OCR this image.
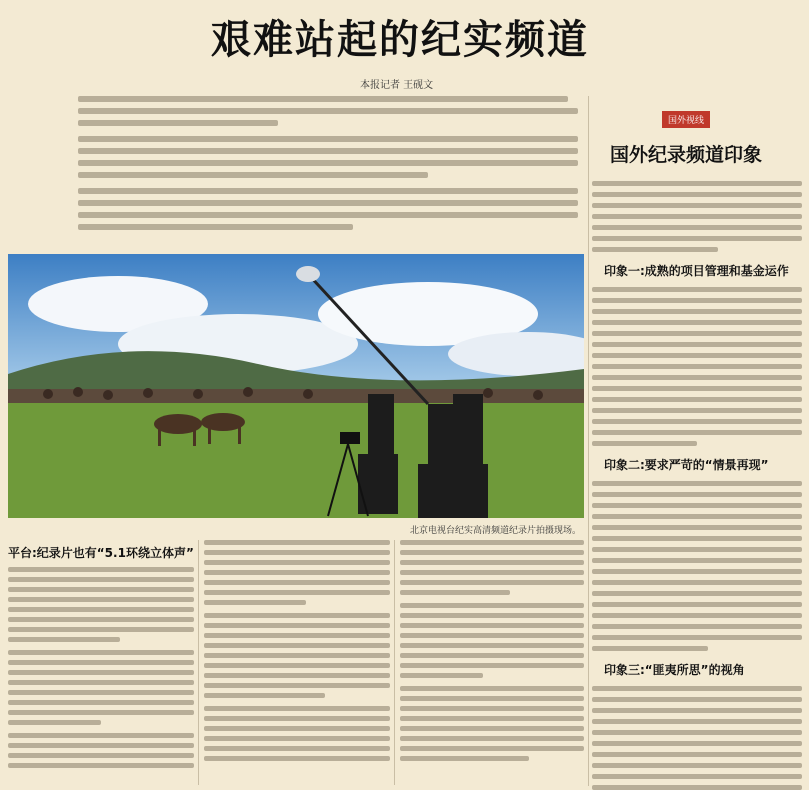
艰难站起的纪实频道
本报记者 王砚文
北京电视台纪实高清频道纪录片拍摄现场。
平台:纪录片也有“5.1环绕立体声”
国外视线
国外纪录频道印象
印象一:成熟的项目管理和基金运作
印象二:要求严苛的“情景再现”
印象三:“匪夷所思”的视角
